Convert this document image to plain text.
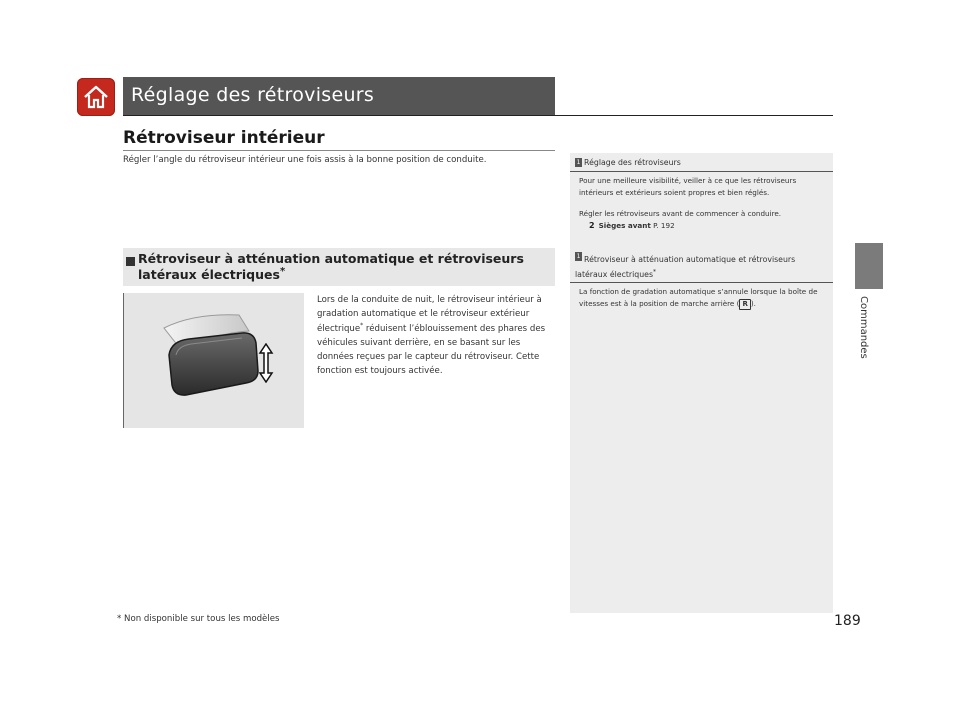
Réglage des rétroviseurs
Commandes
Rétroviseur intérieur
Régler l’angle du rétroviseur intérieur une fois assis à la bonne position de conduite.
Rétroviseur à atténuation automatique et rétroviseurs latéraux électriques*
Lors de la conduite de nuit, le rétroviseur intérieur à gradation automatique et le rétroviseur extérieur électrique* réduisent l’éblouissement des phares des véhicules suivant derrière, en se basant sur les données reçues par le capteur du rétroviseur. Cette fonction est toujours activée.
1 Réglage des rétroviseurs
Pour une meilleure visibilité, veiller à ce que les rétroviseurs intérieurs et extérieurs soient propres et bien réglés.
Régler les rétroviseurs avant de commencer à conduire.
2 Sièges avant P. 192
1 Rétroviseur à atténuation automatique et rétroviseurs latéraux électriques*
La fonction de gradation automatique s’annule lorsque la boîte de vitesses est à la position de marche arrière ( R ).
* Non disponible sur tous les modèles	189
